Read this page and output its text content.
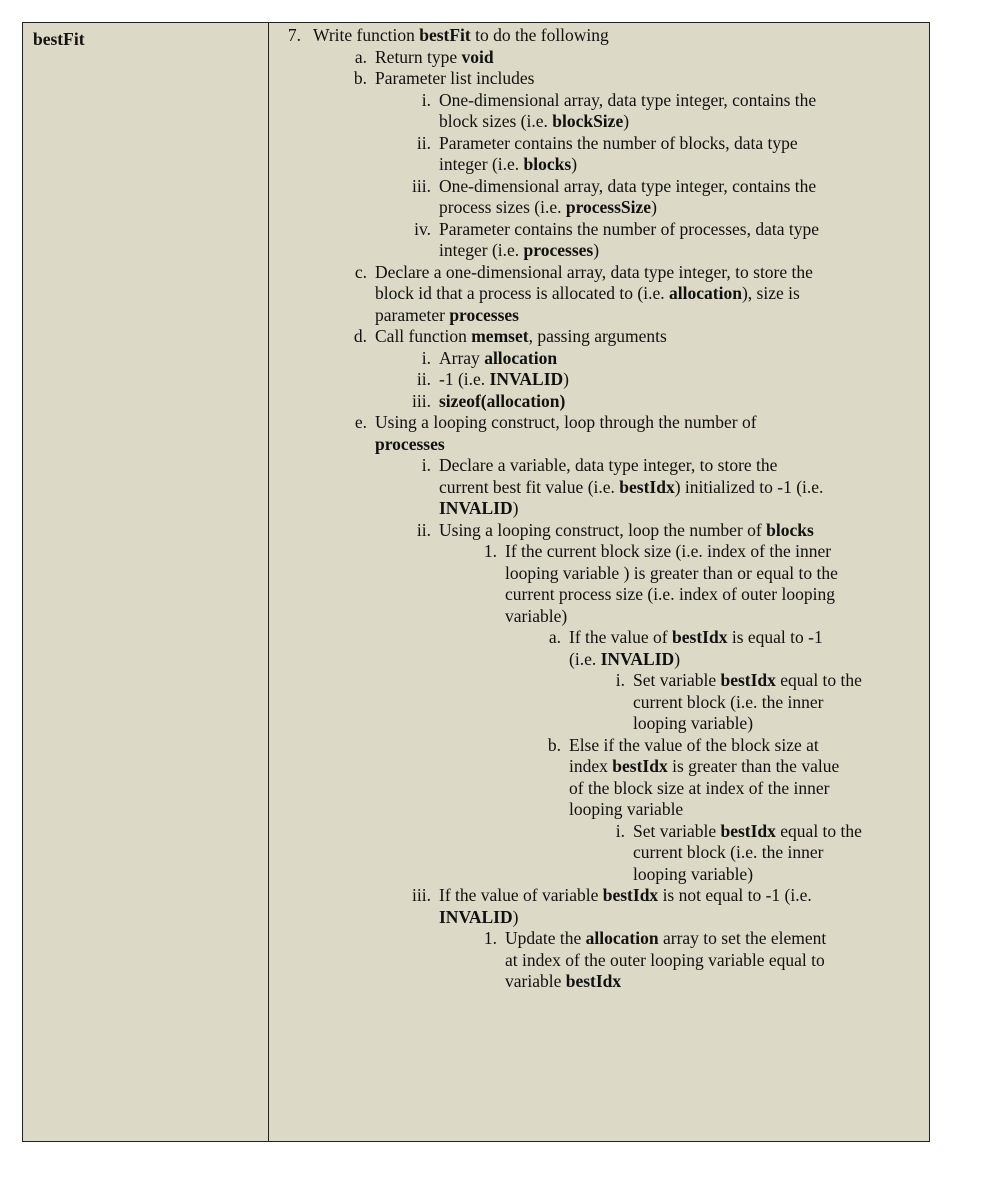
bestFit	7. Write function bestFit to do the following
a. Return type void
b. Parameter list includes
i. One-dimensional array, data type integer, contains the
block sizes (i.e. blockSize)
ii. Parameter contains the number of blocks, data type
integer (i.e. blocks)
iii. One-dimensional array, data type integer, contains the
process sizes (i.e. processSize)
iv. Parameter contains the number of processes, data type
integer (i.e. processes)
c. Declare a one-dimensional array, data type integer, to store the
block id that a process is allocated to (i.e. allocation), size is
parameter processes
d. Call function memset, passing arguments
i. Array allocation
ii. -1 (i.e. INVALID)
iii. sizeof(allocation)
e. Using a looping construct, loop through the number of
processes
i. Declare a variable, data type integer, to store the
current best fit value (i.e. bestIdx) initialized to -1 (i.e.
INVALID)
ii. Using a looping construct, loop the number of blocks
1. If the current block size (i.e. index of the inner
looping variable ) is greater than or equal to the
current process size (i.e. index of outer looping
variable)
a. If the value of bestIdx is equal to -1
(i.e. INVALID)
i. Set variable bestIdx equal to the
current block (i.e. the inner
looping variable)
b. Else if the value of the block size at
index bestIdx is greater than the value
of the block size at index of the inner
looping variable
i. Set variable bestIdx equal to the
current block (i.e. the inner
looping variable)
iii. If the value of variable bestIdx is not equal to -1 (i.e.
INVALID)
1. Update the allocation array to set the element
at index of the outer looping variable equal to
variable bestIdx
